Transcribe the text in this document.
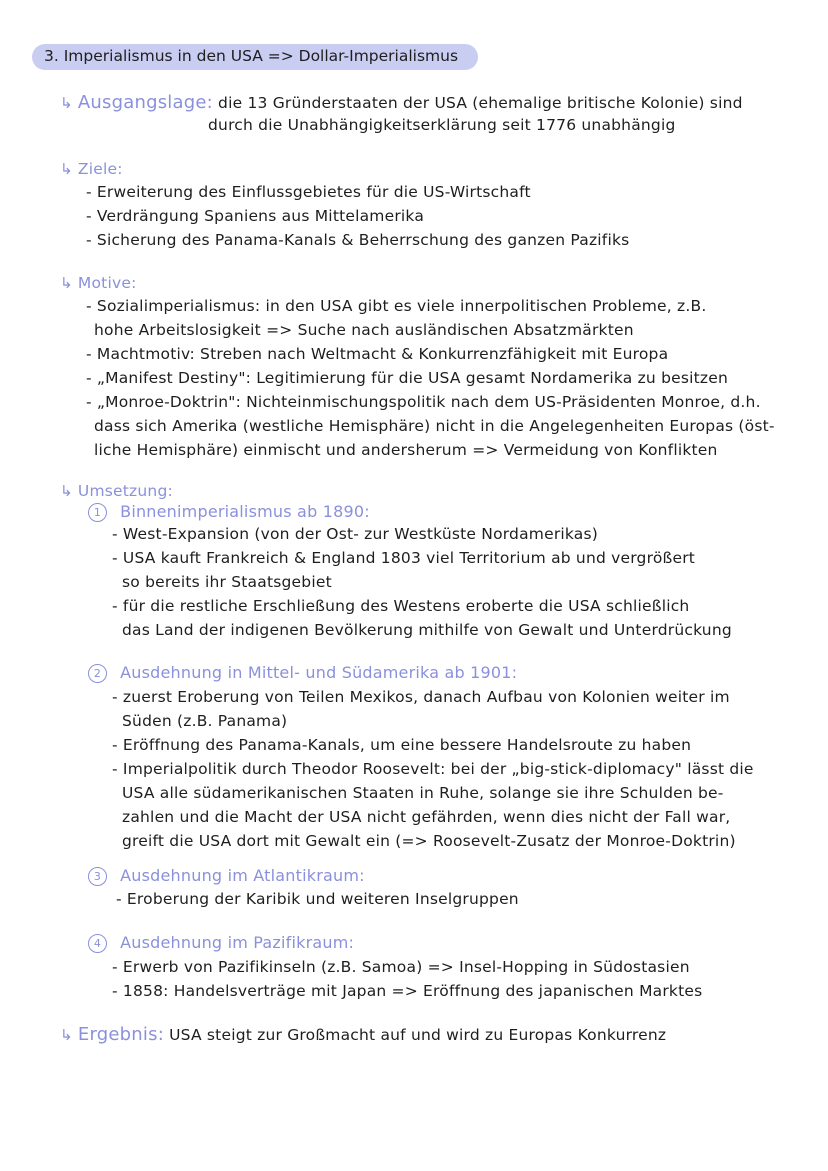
3. Imperialismus in den USA => Dollar-Imperialismus
↳ Ausgangslage: die 13 Gründerstaaten der USA (ehemalige britische Kolonie) sind
durch die Unabhängigkeitserklärung seit 1776 unabhängig
↳ Ziele:
- Erweiterung des Einflussgebietes für die US-Wirtschaft
- Verdrängung Spaniens aus Mittelamerika
- Sicherung des Panama-Kanals & Beherrschung des ganzen Pazifiks
↳ Motive:
- Sozialimperialismus: in den USA gibt es viele innerpolitischen Probleme, z.B.
hohe Arbeitslosigkeit => Suche nach ausländischen Absatzmärkten
- Machtmotiv: Streben nach Weltmacht & Konkurrenzfähigkeit mit Europa
- „Manifest Destiny": Legitimierung für die USA gesamt Nordamerika zu besitzen
- „Monroe-Doktrin": Nichteinmischungspolitik nach dem US-Präsidenten Monroe, d.h.
dass sich Amerika (westliche Hemisphäre) nicht in die Angelegenheiten Europas (öst-
liche Hemisphäre) einmischt und andersherum => Vermeidung von Konflikten
↳ Umsetzung:
1 Binnenimperialismus ab 1890:
- West-Expansion (von der Ost- zur Westküste Nordamerikas)
- USA kauft Frankreich & England 1803 viel Territorium ab und vergrößert
so bereits ihr Staatsgebiet
- für die restliche Erschließung des Westens eroberte die USA schließlich
das Land der indigenen Bevölkerung mithilfe von Gewalt und Unterdrückung
2 Ausdehnung in Mittel- und Südamerika ab 1901:
- zuerst Eroberung von Teilen Mexikos, danach Aufbau von Kolonien weiter im
Süden (z.B. Panama)
- Eröffnung des Panama-Kanals, um eine bessere Handelsroute zu haben
- Imperialpolitik durch Theodor Roosevelt: bei der „big-stick-diplomacy" lässt die
USA alle südamerikanischen Staaten in Ruhe, solange sie ihre Schulden be-
zahlen und die Macht der USA nicht gefährden, wenn dies nicht der Fall war,
greift die USA dort mit Gewalt ein (=> Roosevelt-Zusatz der Monroe-Doktrin)
3 Ausdehnung im Atlantikraum:
- Eroberung der Karibik und weiteren Inselgruppen
4 Ausdehnung im Pazifikraum:
- Erwerb von Pazifikinseln (z.B. Samoa) => Insel-Hopping in Südostasien
- 1858: Handelsverträge mit Japan => Eröffnung des japanischen Marktes
↳ Ergebnis: USA steigt zur Großmacht auf und wird zu Europas Konkurrenz
